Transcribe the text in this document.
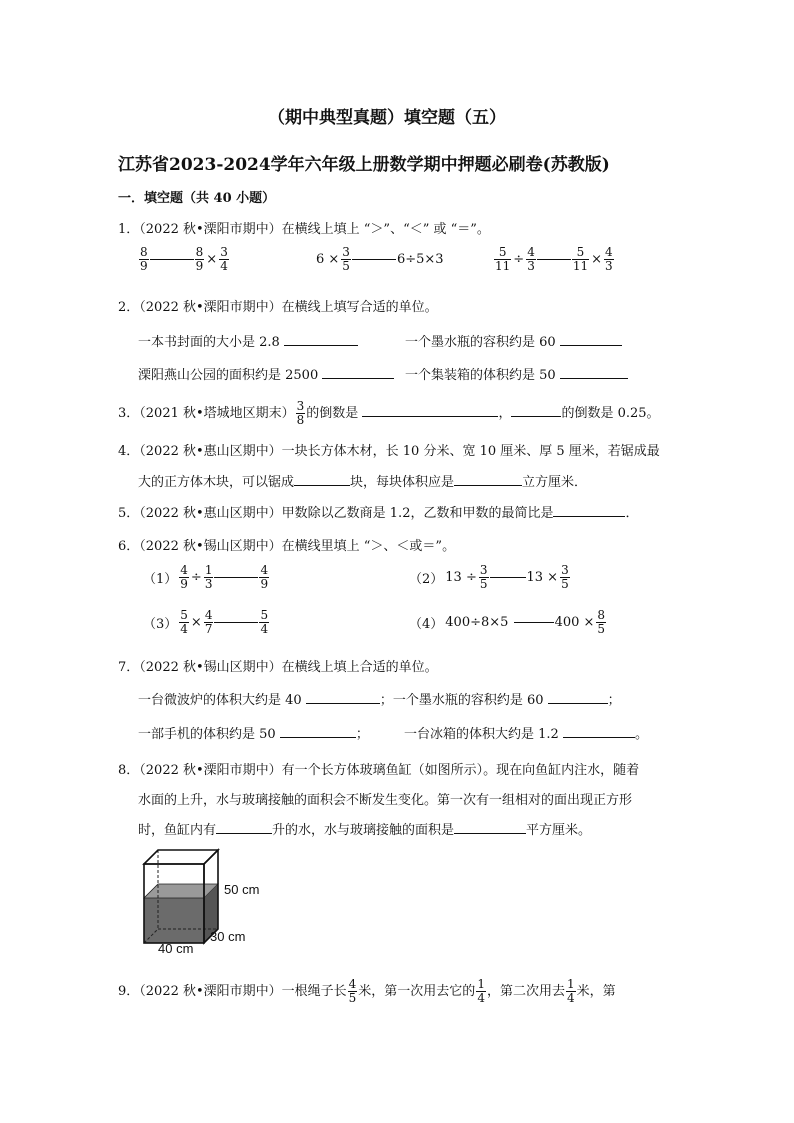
（期中典型真题）填空题（五）
江苏省2023-2024学年六年级上册数学期中押题必刷卷(苏教版)
一．填空题（共 40 小题）
1．（2022 秋•溧阳市期中）在横线上填上 “＞”、“＜” 或 “＝”。
$\frac{8}{9}$	$\frac{8}{9} \times \frac{3}{4}$	$6 \times \frac{3}{5}$	6÷5×3	$\frac{5}{11} \div \frac{4}{3}$	$\frac{5}{11} \times \frac{4}{3}$
2．（2022 秋•溧阳市期中）在横线上填写合适的单位。
一本书封面的大小是 2.8	一个墨水瓶的容积约是 60
溧阳燕山公园的面积约是 2500	一个集装箱的体积约是 50
3．（2021 秋•塔城地区期末） $\frac{3}{8}$ 的倒数是	，	的倒数是 0.25。
4．（2022 秋•惠山区期中）一块长方体木材，长 10 分米、宽 10 厘米、厚 5 厘米，若锯成最
大的正方体木块，可以锯成	块，每块体积应是	立方厘米．
5．（2022 秋•惠山区期中）甲数除以乙数商是 1.2，乙数和甲数的最简比是	．
6．（2022 秋•锡山区期中）在横线里填上 “＞、＜或＝”。
$(1) \frac{4}{9} \div \frac{1}{3}$	$\frac{4}{9}$	（2） $13 \div \frac{3}{5}$	$13 \times \frac{3}{5}$
$(3) \frac{5}{4} \times \frac{4}{7}$	$\frac{5}{4}$	（4） 400÷8×5	$400 \times \frac{8}{5}$
7．（2022 秋•锡山区期中）在横线上填上合适的单位。
一台微波炉的体积大约是 40	；一个墨水瓶的容积约是 60	；
一部手机的体积约是 50	；	一台冰箱的体积大约是 1.2	。
8．（2022 秋•溧阳市期中）有一个长方体玻璃鱼缸（如图所示）。现在向鱼缸内注水，随着
水面的上升，水与玻璃接触的面积会不断发生变化。第一次有一组相对的面出现正方形
时，鱼缸内有	升的水，水与玻璃接触的面积是	平方厘米。
50 cm
30 cm
40 cm
9．（2022 秋•溧阳市期中）一根绳子长 $\frac{4}{5}$ 米，第一次用去它的 $\frac{1}{4}$ ，第二次用去 $\frac{1}{4}$ 米，第
